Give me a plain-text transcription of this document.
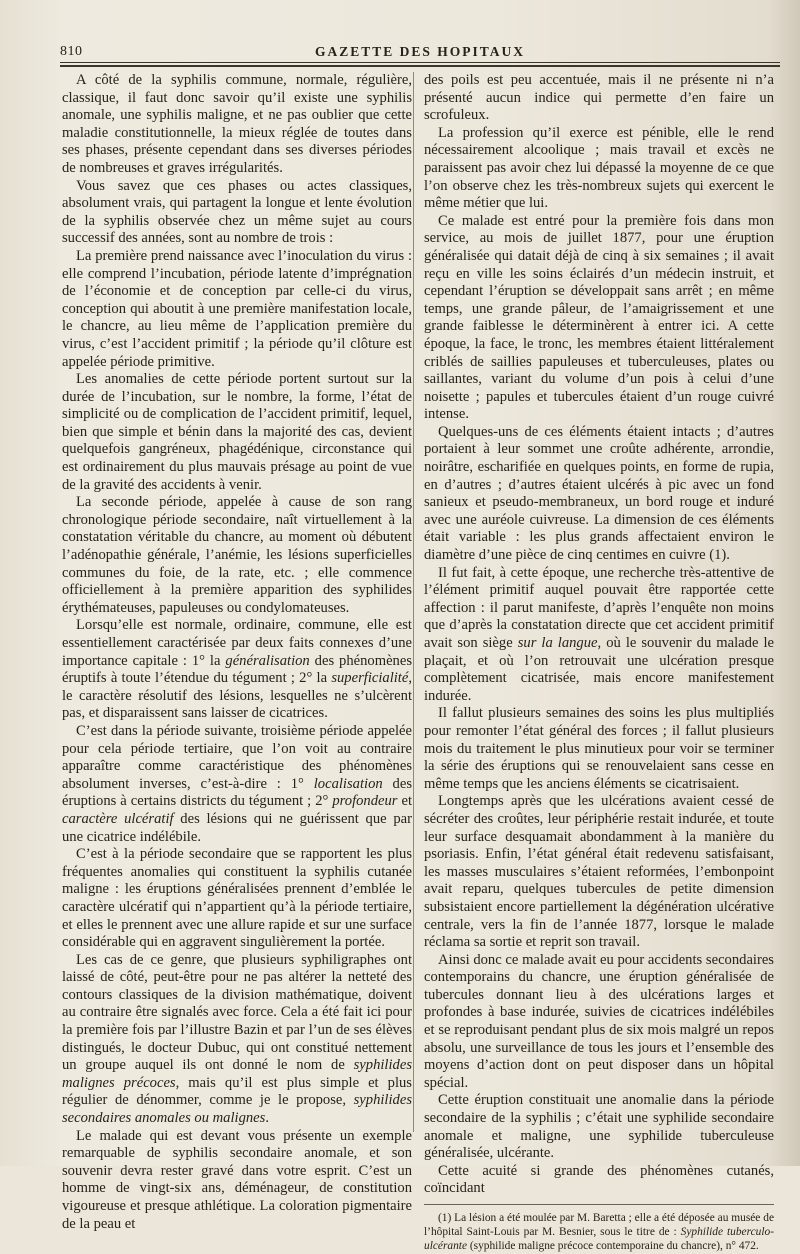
810	GAZETTE DES HOPITAUX

A côté de la syphilis commune, normale, régulière, classique, il faut donc savoir qu’il existe une syphilis anomale, une syphilis maligne, et ne pas oublier que cette maladie constitutionnelle, la mieux réglée de toutes dans ses phases, présente cependant dans ses diverses périodes de nombreuses et graves irrégularités.

Vous savez que ces phases ou actes classiques, absolument vrais, qui partagent la longue et lente évolution de la syphilis observée chez un même sujet au cours successif des années, sont au nombre de trois :

La première prend naissance avec l’inoculation du virus : elle comprend l’incubation, période latente d’imprégnation de l’économie et de conception par celle-ci du virus, conception qui aboutit à une première manifestation locale, le chancre, au lieu même de l’application première du virus, c’est l’accident primitif ; la période qu’il clôture est appelée période primitive.

Les anomalies de cette période portent surtout sur la durée de l’incubation, sur le nombre, la forme, l’état de simplicité ou de complication de l’accident primitif, lequel, bien que simple et bénin dans la majorité des cas, devient quelquefois gangréneux, phagédénique, circonstance qui est ordinairement du plus mauvais présage au point de vue de la gravité des accidents à venir.

La seconde période, appelée à cause de son rang chronologique période secondaire, naît virtuellement à la constatation véritable du chancre, au moment où débutent l’adénopathie générale, l’anémie, les lésions superficielles communes du foie, de la rate, etc. ; elle commence officiellement à la première apparition des syphilides érythémateuses, papuleuses ou condylomateuses.

Lorsqu’elle est normale, ordinaire, commune, elle est essentiellement caractérisée par deux faits connexes d’une importance capitale : 1° la généralisation des phénomènes éruptifs à toute l’étendue du tégument ; 2° la superficialité, le caractère résolutif des lésions, lesquelles ne s’ulcèrent pas, et disparaissent sans laisser de cicatrices.

C’est dans la période suivante, troisième période appelée pour cela période tertiaire, que l’on voit au contraire apparaître comme caractéristique des phénomènes absolument inverses, c’est-à-dire : 1° localisation des éruptions à certains districts du tégument ; 2° profondeur et caractère ulcératif des lésions qui ne guérissent que par une cicatrice indélébile.

C’est à la période secondaire que se rapportent les plus fréquentes anomalies qui constituent la syphilis cutanée maligne : les éruptions généralisées prennent d’emblée le caractère ulcératif qui n’appartient qu’à la période tertiaire, et elles le prennent avec une allure rapide et sur une surface considérable qui en aggravent singulièrement la portée.

Les cas de ce genre, que plusieurs syphiligraphes ont laissé de côté, peut-être pour ne pas altérer la netteté des contours classiques de la division mathématique, doivent au contraire être signalés avec force. Cela a été fait ici pour la première fois par l’illustre Bazin et par l’un de ses élèves distingués, le docteur Dubuc, qui ont constitué nettement un groupe auquel ils ont donné le nom de syphilides malignes précoces, mais qu’il est plus simple et plus régulier de dénommer, comme je le propose, syphilides secondaires anomales ou malignes.

Le malade qui est devant vous présente un exemple remarquable de syphilis secondaire anomale, et son souvenir devra rester gravé dans votre esprit. C’est un homme de vingt-six ans, déménageur, de constitution vigoureuse et presque athlétique. La coloration pigmentaire de la peau et

des poils est peu accentuée, mais il ne présente ni n’a présenté aucun indice qui permette d’en faire un scrofuleux.

La profession qu’il exerce est pénible, elle le rend nécessairement alcoolique ; mais travail et excès ne paraissent pas avoir chez lui dépassé la moyenne de ce que l’on observe chez les très-nombreux sujets qui exercent le même métier que lui.

Ce malade est entré pour la première fois dans mon service, au mois de juillet 1877, pour une éruption généralisée qui datait déjà de cinq à six semaines ; il avait reçu en ville les soins éclairés d’un médecin instruit, et cependant l’éruption se développait sans arrêt ; en même temps, une grande pâleur, de l’amaigrissement et une grande faiblesse le déterminèrent à entrer ici. A cette époque, la face, le tronc, les membres étaient littéralement criblés de saillies papuleuses et tuberculeuses, plates ou saillantes, variant du volume d’un pois à celui d’une noisette ; papules et tubercules étaient d’un rouge cuivré intense.

Quelques-uns de ces éléments étaient intacts ; d’autres portaient à leur sommet une croûte adhérente, arrondie, noirâtre, escharifiée en quelques points, en forme de rupia, en d’autres ; d’autres étaient ulcérés à pic avec un fond sanieux et pseudo-membraneux, un bord rouge et induré avec une auréole cuivreuse. La dimension de ces éléments était variable : les plus grands affectaient environ le diamètre d’une pièce de cinq centimes en cuivre (1).

Il fut fait, à cette époque, une recherche très-attentive de l’élément primitif auquel pouvait être rapportée cette affection : il parut manifeste, d’après l’enquête non moins que d’après la constatation directe que cet accident primitif avait son siège sur la langue, où le souvenir du malade le plaçait, et où l’on retrouvait une ulcération presque complètement cicatrisée, mais encore manifestement indurée.

Il fallut plusieurs semaines des soins les plus multipliés pour remonter l’état général des forces ; il fallut plusieurs mois du traitement le plus minutieux pour voir se terminer la série des éruptions qui se renouvelaient sans cesse en même temps que les anciens éléments se cicatrisaient.

Longtemps après que les ulcérations avaient cessé de sécréter des croûtes, leur périphérie restait indurée, et toute leur surface desquamait abondamment à la manière du psoriasis. Enfin, l’état général était redevenu satisfaisant, les masses musculaires s’étaient reformées, l’embonpoint avait reparu, quelques tubercules de petite dimension subsistaient encore partiellement la dégénération ulcérative centrale, vers la fin de l’année 1877, lorsque le malade réclama sa sortie et reprit son travail.

Ainsi donc ce malade avait eu pour accidents secondaires contemporains du chancre, une éruption généralisée de tubercules donnant lieu à des ulcérations larges et profondes à base indurée, suivies de cicatrices indélébiles et se reproduisant pendant plus de six mois malgré un repos absolu, une surveillance de tous les jours et l’ensemble des moyens d’action dont on peut disposer dans un hôpital spécial.

Cette éruption constituait une anomalie dans la période secondaire de la syphilis ; c’était une syphilide secondaire anomale et maligne, une syphilide tuberculeuse généralisée, ulcérante.

Cette acuité si grande des phénomènes cutanés, coïncidant

(1) La lésion a été moulée par M. Baretta ; elle a été déposée au musée de l’hôpital Saint-Louis par M. Besnier, sous le titre de : Syphilide tuberculo-ulcérante (syphilide maligne précoce contemporaine du chancre), n° 472.
